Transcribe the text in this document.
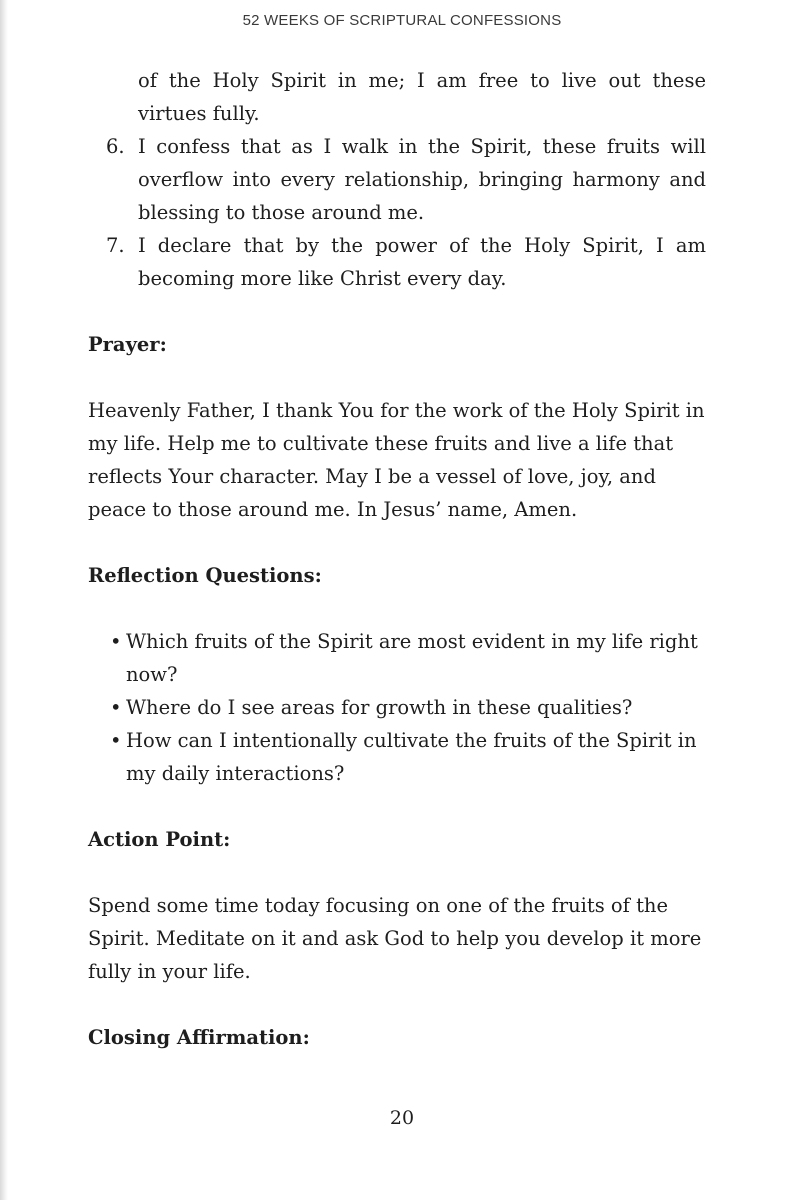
52 WEEKS OF SCRIPTURAL CONFESSIONS
of the Holy Spirit in me; I am free to live out these virtues fully.
6. I confess that as I walk in the Spirit, these fruits will overflow into every relationship, bringing harmony and blessing to those around me.
7. I declare that by the power of the Holy Spirit, I am becoming more like Christ every day.

Prayer:

Heavenly Father, I thank You for the work of the Holy Spirit in my life. Help me to cultivate these fruits and live a life that reflects Your character. May I be a vessel of love, joy, and peace to those around me. In Jesus’ name, Amen.

Reflection Questions:

• Which fruits of the Spirit are most evident in my life right now?
• Where do I see areas for growth in these qualities?
• How can I intentionally cultivate the fruits of the Spirit in my daily interactions?

Action Point:

Spend some time today focusing on one of the fruits of the Spirit. Meditate on it and ask God to help you develop it more fully in your life.

Closing Affirmation:

20
